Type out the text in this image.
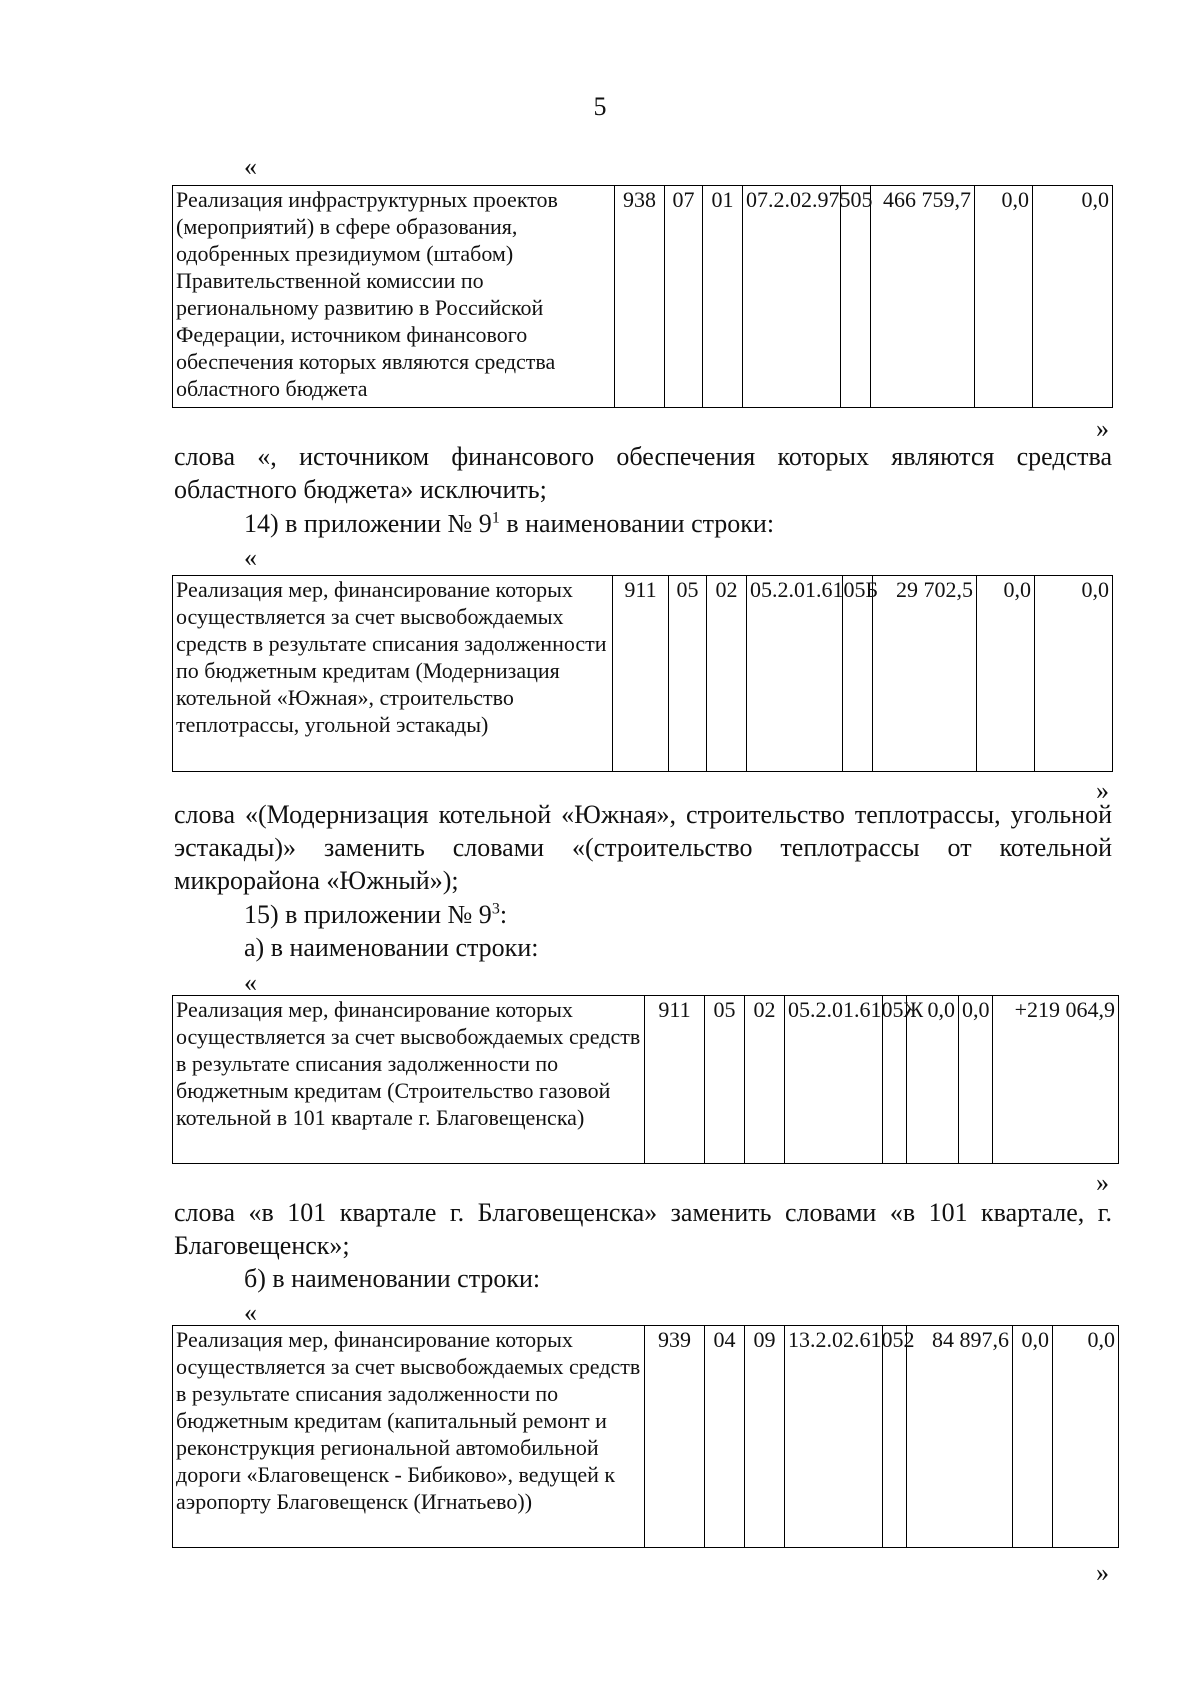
5
«
Реализация инфраструктурных проектов (мероприятий) в сфере образования, одобренных президиумом (штабом) Правительственной комиссии по региональному развитию в Российской Федерации, источником финансового обеспечения которых являются средства областного бюджета	938	07	01	07.2.02.97505		466 759,7	0,0	0,0
»

слова «, источником финансового обеспечения которых являются средства областного бюджета» исключить;

14) в приложении № $9^1$ в наименовании строки:

«
Реализация мер, финансирование которых осуществляется за счет высвобождаемых средств в результате списания задолженности по бюджетным кредитам (Модернизация котельной «Южная», строительство теплотрассы, угольной эстакады)	911	05	02	05.2.01.6105Б		29 702,5	0,0	0,0
»

слова «(Модернизация котельной «Южная», строительство теплотрассы, угольной эстакады)» заменить словами «(строительство теплотрассы от котельной микрорайона «Южный»);

15) в приложении № $9^3$:

а) в наименовании строки:

«
Реализация мер, финансирование которых осуществляется за счет высвобождаемых средств в результате списания задолженности по бюджетным кредитам (Строительство газовой котельной в 101 квартале г. Благовещенска)	911	05	02	05.2.01.6105Ж		0,0	0,0	+219 064,9
»

слова «в 101 квартале г. Благовещенска» заменить словами «в 101 квартале, г. Благовещенск»;

б) в наименовании строки:

«
Реализация мер, финансирование которых осуществляется за счет высвобождаемых средств в результате списания задолженности по бюджетным кредитам (капитальный ремонт и реконструкция региональной автомобильной дороги «Благовещенск - Бибиково», ведущей к аэропорту Благовещенск (Игнатьево))	939	04	09	13.2.02.61052		84 897,6	0,0	0,0
»
